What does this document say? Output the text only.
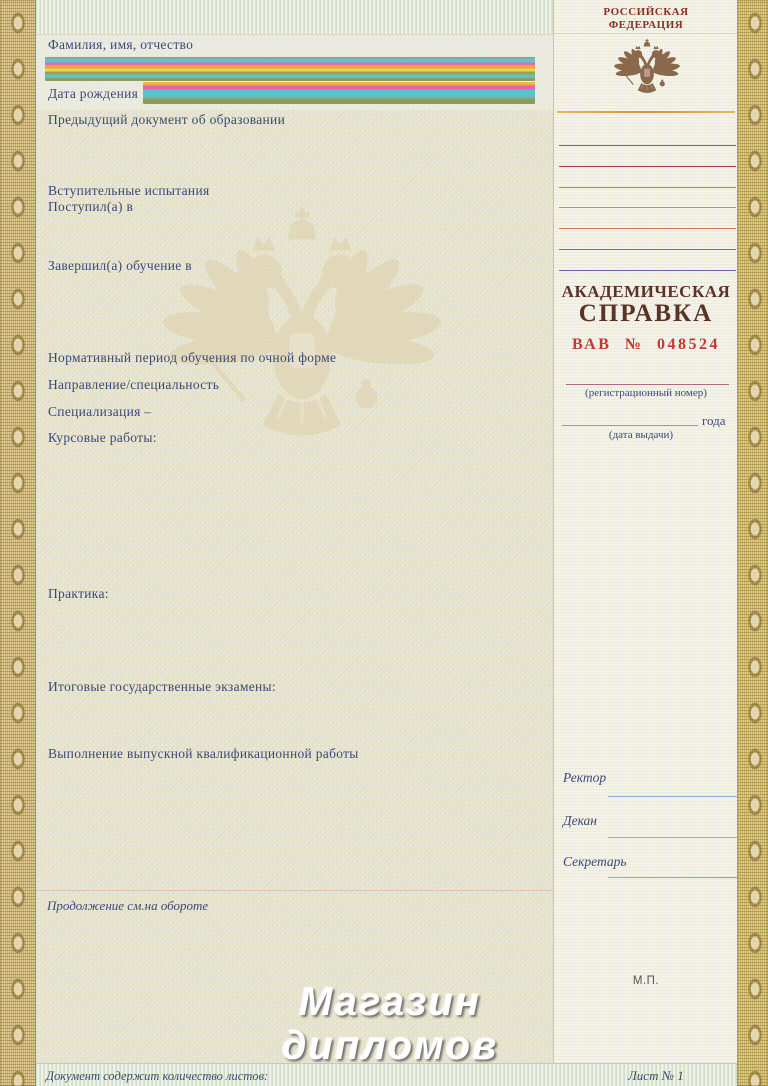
Фамилия, имя, отчество
Дата рождения
Предыдущий документ об образовании
Вступительные испытания
Поступил(а) в
Завершил(а) обучение в
Нормативный период обучения по очной форме
Направление/специальность
Специализация –
Курсовые работы:
Практика:
Итоговые государственные экзамены:
Выполнение выпускной квалификационной работы
Продолжение см.на обороте
РОССИЙСКАЯ
ФЕДЕРАЦИЯ
АКАДЕМИЧЕСКАЯ
СПРАВКА
ВАВ № 048524
(регистрационный номер)
года
(дата выдачи)
Ректор
Декан
Секретарь
М.П.
Документ содержит количество листов:	Лист № 1
Магазин
дипломов
